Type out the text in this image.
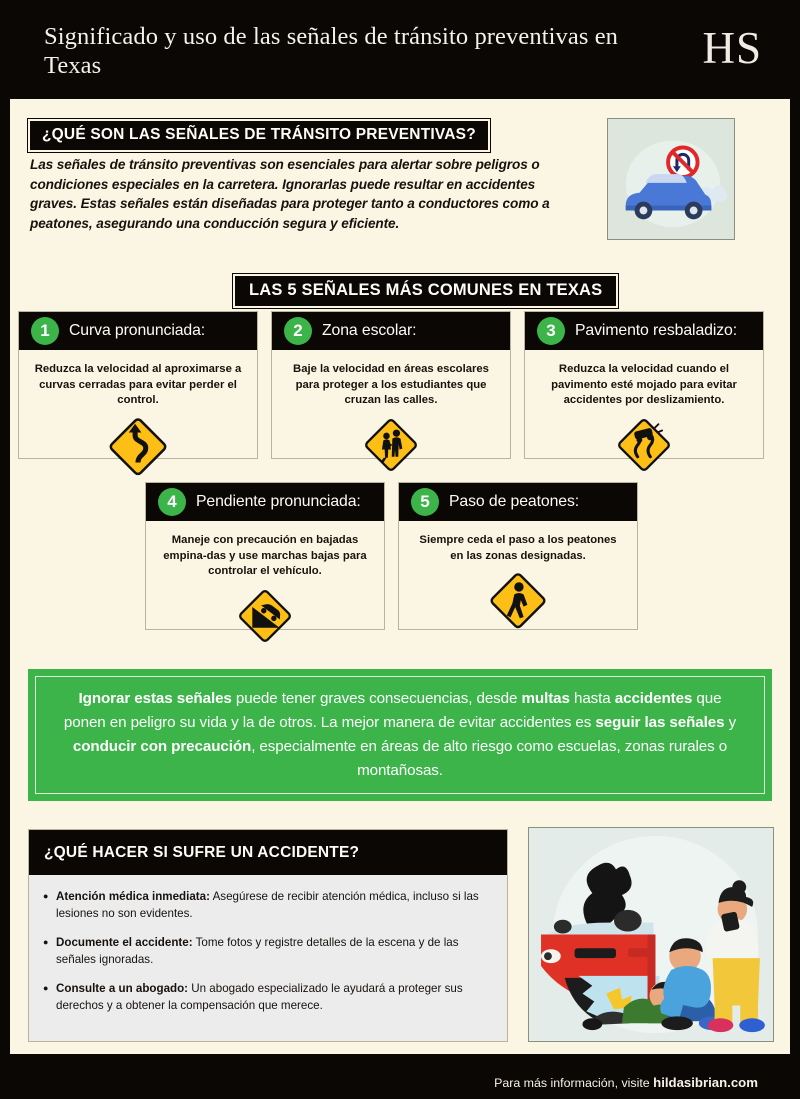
Significado y uso de las señales de tránsito preventivas en Texas	HS
¿QUÉ SON LAS SEÑALES DE TRÁNSITO PREVENTIVAS?
Las señales de tránsito preventivas son esenciales para alertar sobre peligros o condiciones especiales en la carretera. Ignorarlas puede resultar en accidentes graves. Estas señales están diseñadas para proteger tanto a conductores como a peatones, asegurando una conducción segura y eficiente.
LAS 5 SEÑALES MÁS COMUNES EN TEXAS
1	Curva pronunciada:
Reduzca la velocidad al aproximarse a curvas cerradas para evitar perder el control.
2	Zona escolar:
Baje la velocidad en áreas escolares para proteger a los estudiantes que cruzan las calles.
3	Pavimento resbaladizo:
Reduzca la velocidad cuando el pavimento esté mojado para evitar accidentes por deslizamiento.
4	Pendiente pronunciada:
Maneje con precaución en bajadas empina-das y use marchas bajas para controlar el vehículo.
5	Paso de peatones:
Siempre ceda el paso a los peatones en las zonas designadas.
Ignorar estas señales puede tener graves consecuencias, desde multas hasta accidentes que ponen en peligro su vida y la de otros. La mejor manera de evitar accidentes es seguir las señales y conducir con precaución, especialmente en áreas de alto riesgo como escuelas, zonas rurales o montañosas.
¿QUÉ HACER SI SUFRE UN ACCIDENTE?
● Atención médica inmediata: Asegúrese de recibir atención médica, incluso si las lesiones no son evidentes.
● Documente el accidente: Tome fotos y registre detalles de la escena y de las señales ignoradas.
● Consulte a un abogado: Un abogado especializado le ayudará a proteger sus derechos y a obtener la compensación que merece.
Para más información, visite hildasibrian.com
